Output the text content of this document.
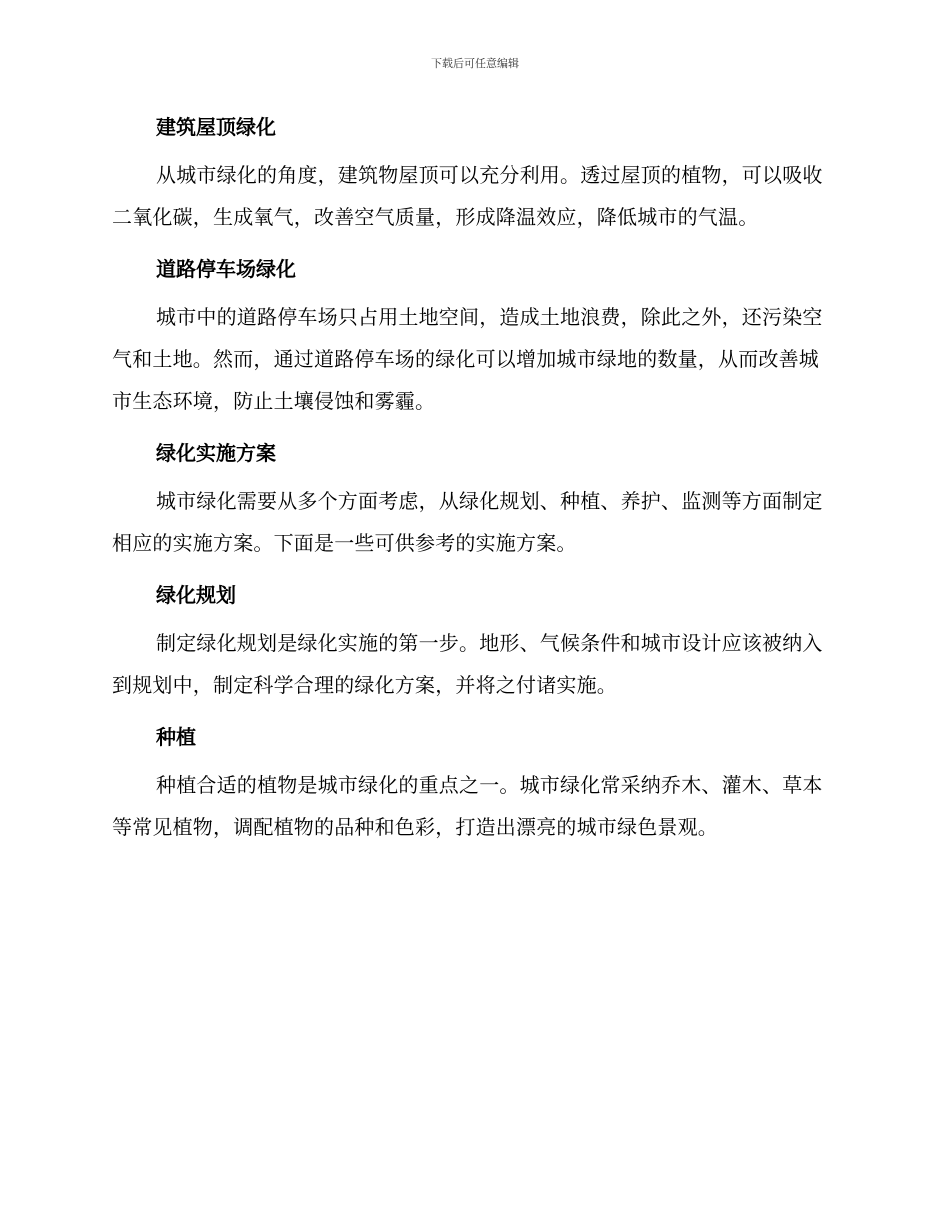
下载后可任意编辑
建筑屋顶绿化

从城市绿化的角度，建筑物屋顶可以充分利用。透过屋顶的植物，可以吸收二氧化碳，生成氧气，改善空气质量，形成降温效应，降低城市的气温。

道路停车场绿化

城市中的道路停车场只占用土地空间，造成土地浪费，除此之外，还污染空气和土地。然而，通过道路停车场的绿化可以增加城市绿地的数量，从而改善城市生态环境，防止土壤侵蚀和雾霾。

绿化实施方案

城市绿化需要从多个方面考虑，从绿化规划、种植、养护、监测等方面制定相应的实施方案。下面是一些可供参考的实施方案。

绿化规划

制定绿化规划是绿化实施的第一步。地形、气候条件和城市设计应该被纳入到规划中，制定科学合理的绿化方案，并将之付诸实施。

种植

种植合适的植物是城市绿化的重点之一。城市绿化常采纳乔木、灌木、草本等常见植物，调配植物的品种和色彩，打造出漂亮的城市绿色景观。
